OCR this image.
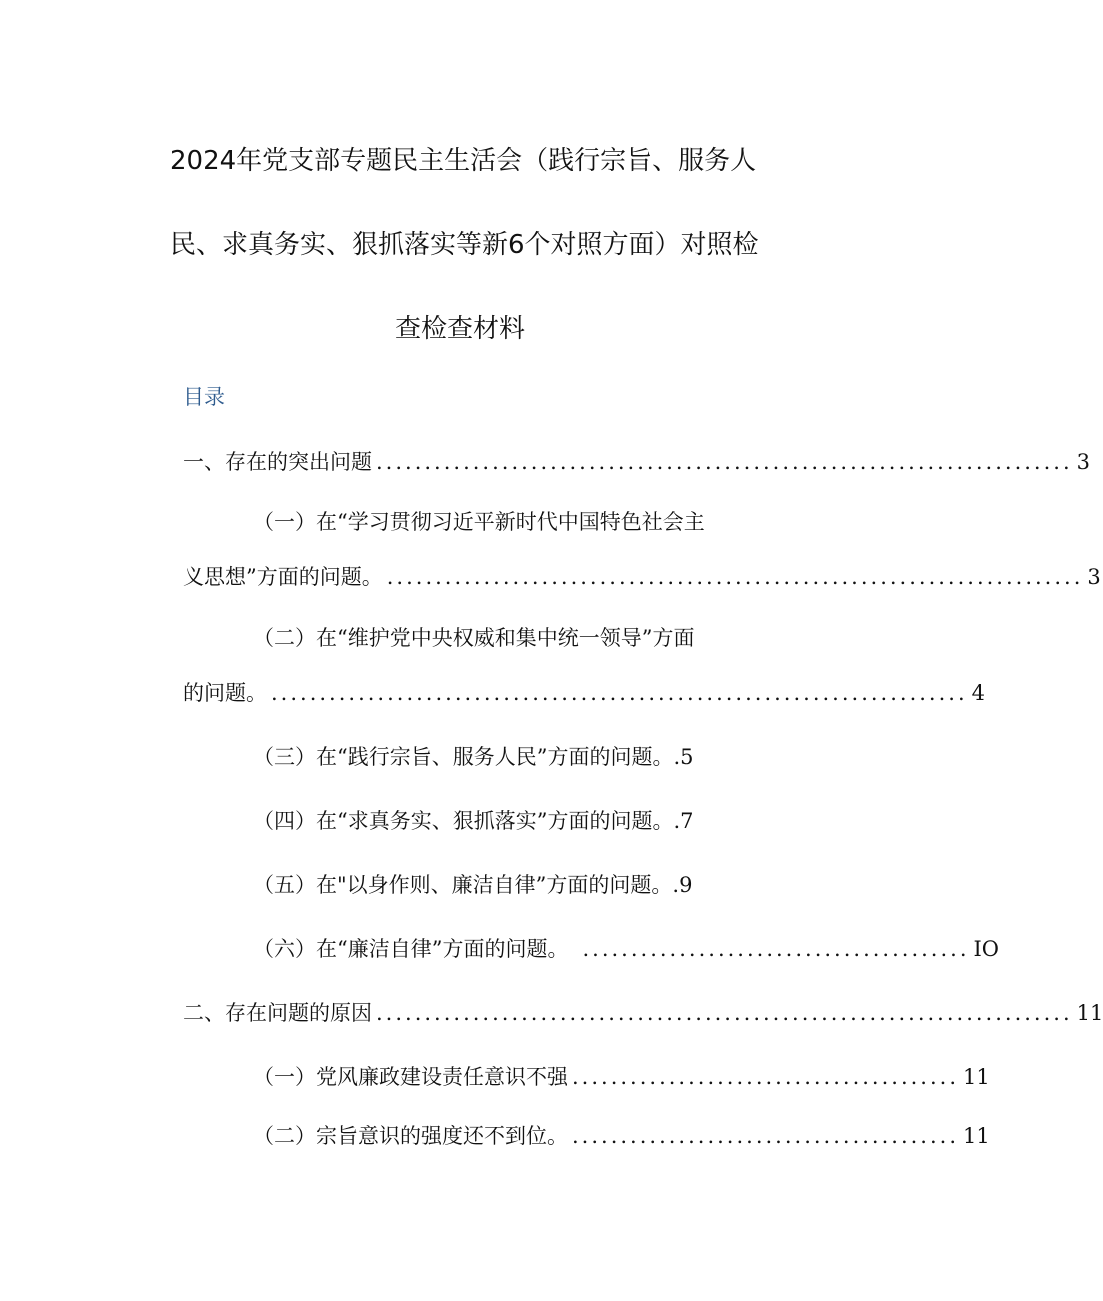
2024年党支部专题民主生活会（践行宗旨、服务人
民、求真务实、狠抓落实等新6个对照方面）对照检
查检查材料
目录
一、存在的突出问题 ........................................................................ 3
（一）在“学习贯彻习近平新时代中国特色社会主
义思想”方面的问题。 ........................................................................ 3
（二）在“维护党中央权威和集中统一领导”方面
的问题。 ........................................................................ 4
（三）在“践行宗旨、服务人民”方面的问题。.5
（四）在“求真务实、狠抓落实”方面的问题。.7
（五）在"以身作则、廉洁自律”方面的问题。.9
（六）在“廉洁自律”方面的问题。 ........................................ IO
二、存在问题的原因 ........................................................................ 11
（一）党风廉政建设责任意识不强 ........................................ 11
（二）宗旨意识的强度还不到位。 ........................................ 11
